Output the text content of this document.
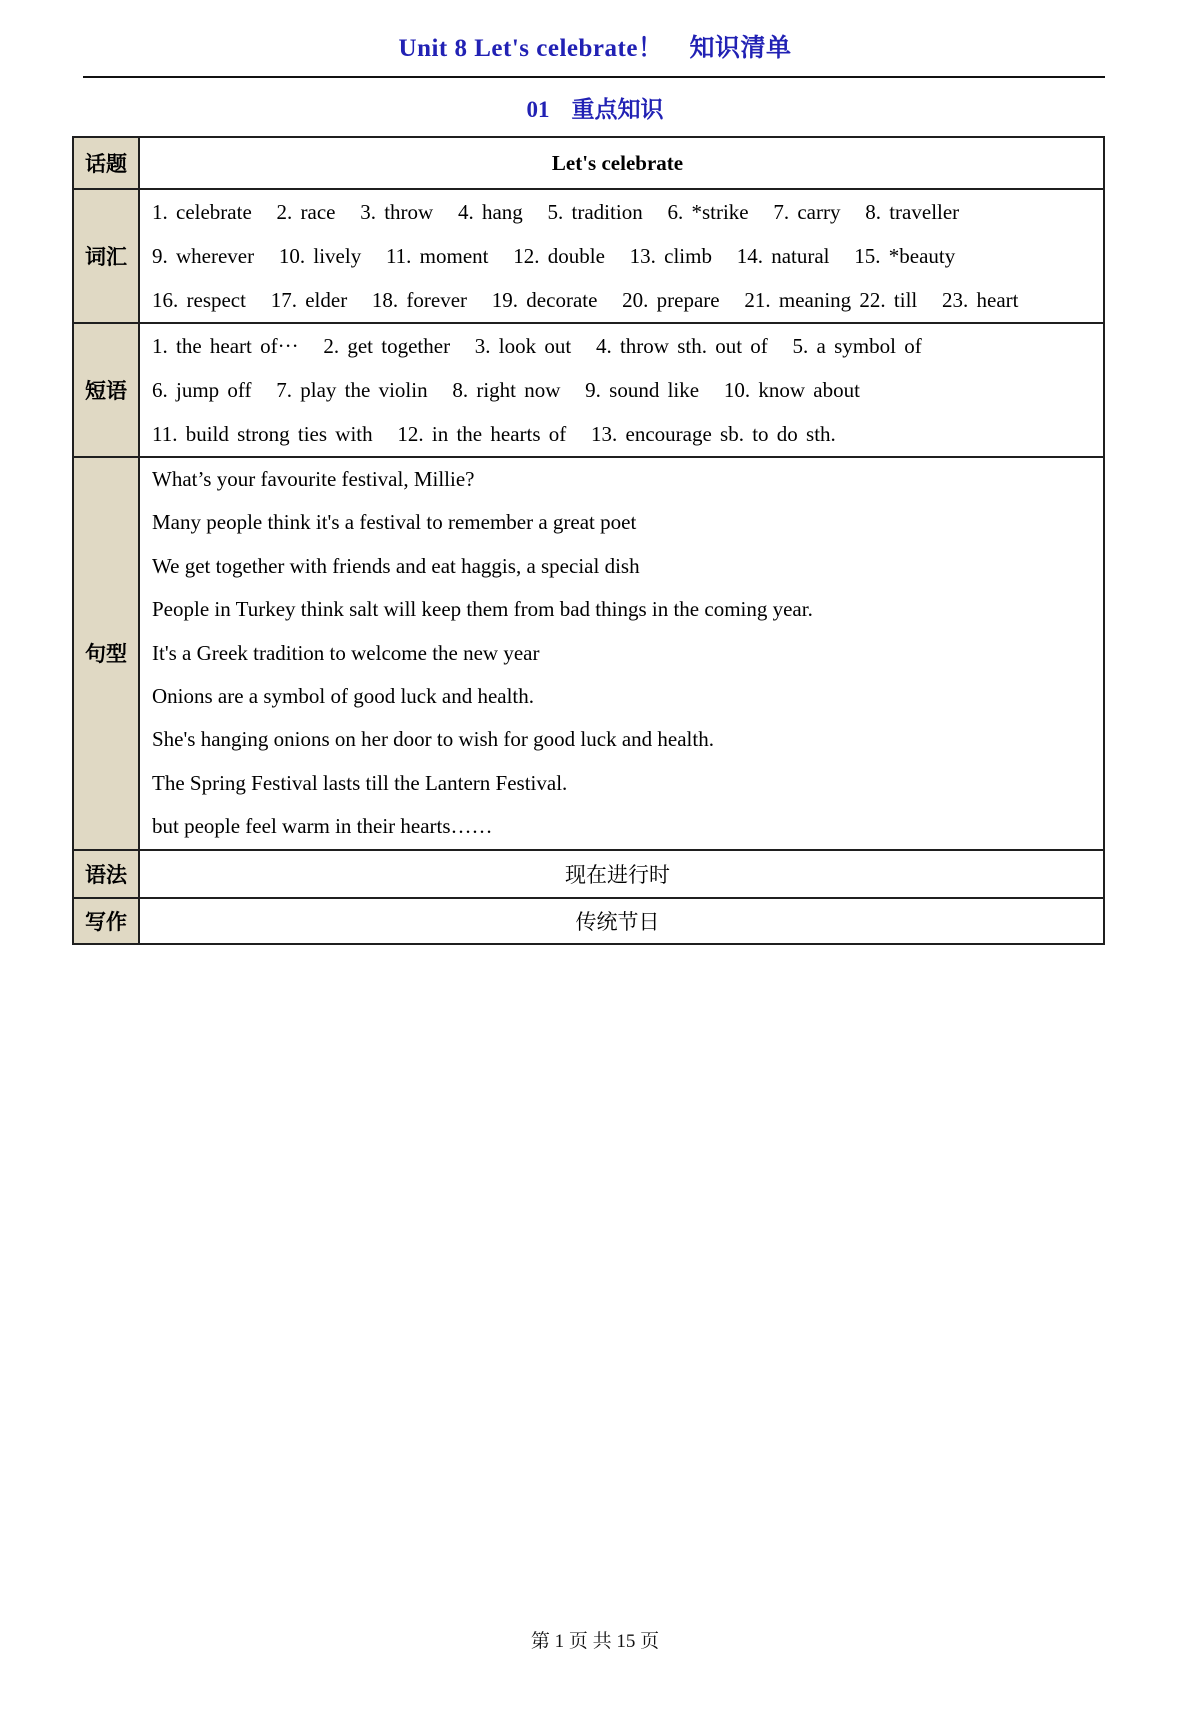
Unit 8 Let's celebrate！ 知识清单
01 重点知识
话题	Let's celebrate
词汇	1. celebrate   2. race   3. throw   4. hang   5. tradition   6. *strike   7. carry   8. traveller
9. wherever   10. lively   11. moment   12. double   13. climb   14. natural   15. *beauty
16. respect   17. elder   18. forever   19. decorate   20. prepare   21. meaning 22. till   23. heart

短语	1. the heart of···   2. get together   3. look out   4. throw sth. out of   5. a symbol of
6. jump off   7. play the violin   8. right now   9. sound like   10. know about
11. build strong ties with   12. in the hearts of   13. encourage sb. to do sth.

句型	
What’s your favourite festival, Millie?
Many people think it's a festival to remember a great poet
We get together with friends and eat haggis, a special dish
People in Turkey think salt will keep them from bad things in the coming year.
It's a Greek tradition to welcome the new year
Onions are a symbol of good luck and health.
She's hanging onions on her door to wish for good luck and health.
The Spring Festival lasts till the Lantern Festival.
but people feel warm in their hearts……

语法	现在进行时
写作	传统节日
第 1 页 共 15 页
